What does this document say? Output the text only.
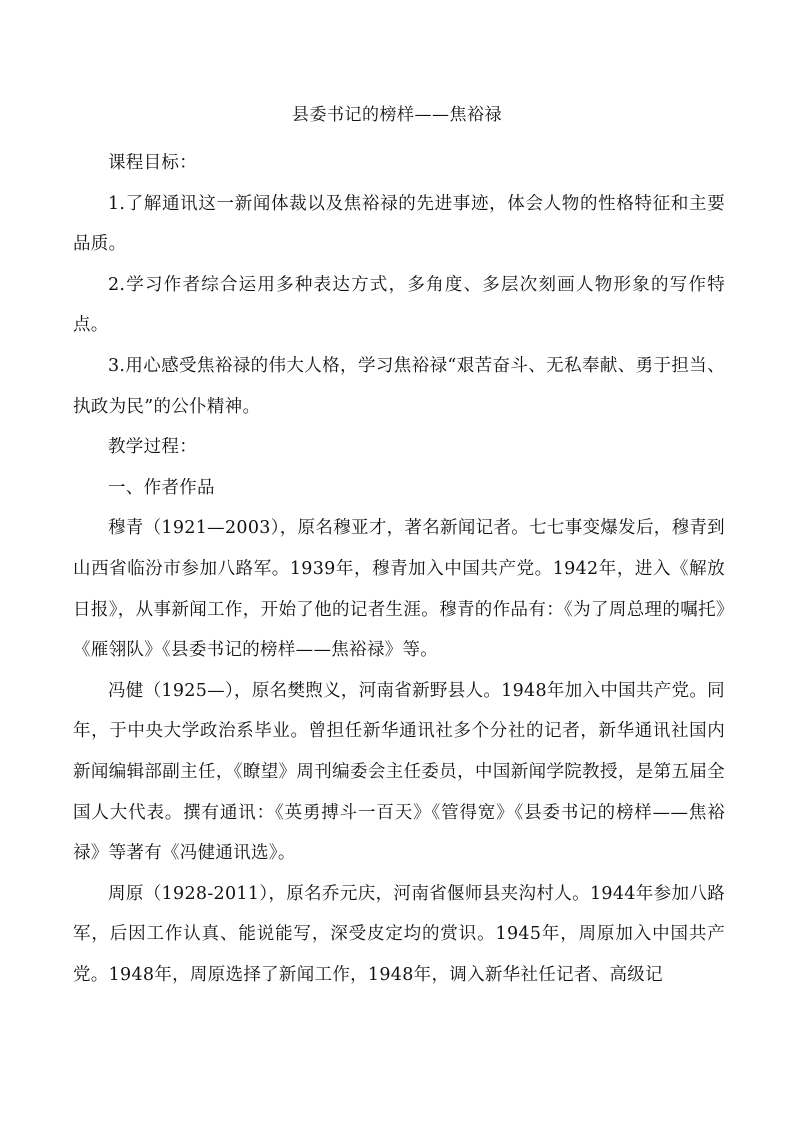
县委书记的榜样——焦裕禄

课程目标：

1.了解通讯这一新闻体裁以及焦裕禄的先进事迹，体会人物的性格特征和主要品质。

2.学习作者综合运用多种表达方式，多角度、多层次刻画人物形象的写作特点。

3.用心感受焦裕禄的伟大人格，学习焦裕禄“艰苦奋斗、无私奉献、勇于担当、执政为民”的公仆精神。

教学过程：

一、作者作品

穆青（1921—2003），原名穆亚才，著名新闻记者。七七事变爆发后，穆青到山西省临汾市参加八路军。1939年，穆青加入中国共产党。1942年，进入《解放日报》，从事新闻工作，开始了他的记者生涯。穆青的作品有：《为了周总理的嘱托》《雁翎队》《县委书记的榜样——焦裕禄》等。

冯健（1925—），原名樊煦义，河南省新野县人。1948年加入中国共产党。同年，于中央大学政治系毕业。曾担任新华通讯社多个分社的记者，新华通讯社国内新闻编辑部副主任，《瞭望》周刊编委会主任委员，中国新闻学院教授，是第五届全国人大代表。撰有通讯：《英勇搏斗一百天》《管得宽》《县委书记的榜样——焦裕禄》等著有《冯健通讯选》。

周原（1928-2011），原名乔元庆，河南省偃师县夹沟村人。1944年参加八路军，后因工作认真、能说能写，深受皮定均的赏识。1945年，周原加入中国共产党。1948年，周原选择了新闻工作，1948年，调入新华社任记者、高级记
